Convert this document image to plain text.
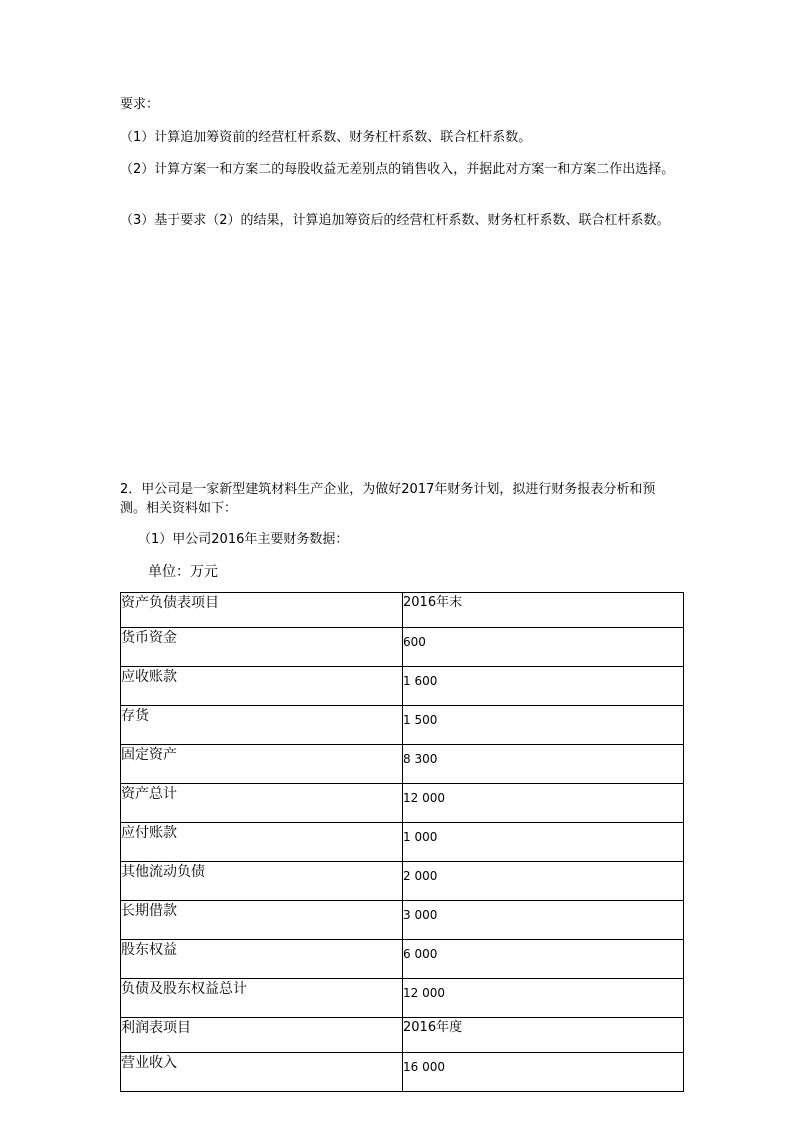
要求：

（1）计算追加筹资前的经营杠杆系数、财务杠杆系数、联合杠杆系数。

（2）计算方案一和方案二的每股收益无差别点的销售收入，并据此对方案一和方案二作出选择。

（3）基于要求（2）的结果，计算追加筹资后的经营杠杆系数、财务杠杆系数、联合杠杆系数。

2．甲公司是一家新型建筑材料生产企业，为做好2017年财务计划，拟进行财务报表分析和预测。相关资料如下：

（1）甲公司2016年主要财务数据：

单位：万元

资产负债表项目	2016年末
货币资金	600
应收账款	1 600
存货	1 500
固定资产	8 300
资产总计	12 000
应付账款	1 000
其他流动负债	2 000
长期借款	3 000
股东权益	6 000
负债及股东权益总计	12 000
利润表项目	2016年度
营业收入	16 000
